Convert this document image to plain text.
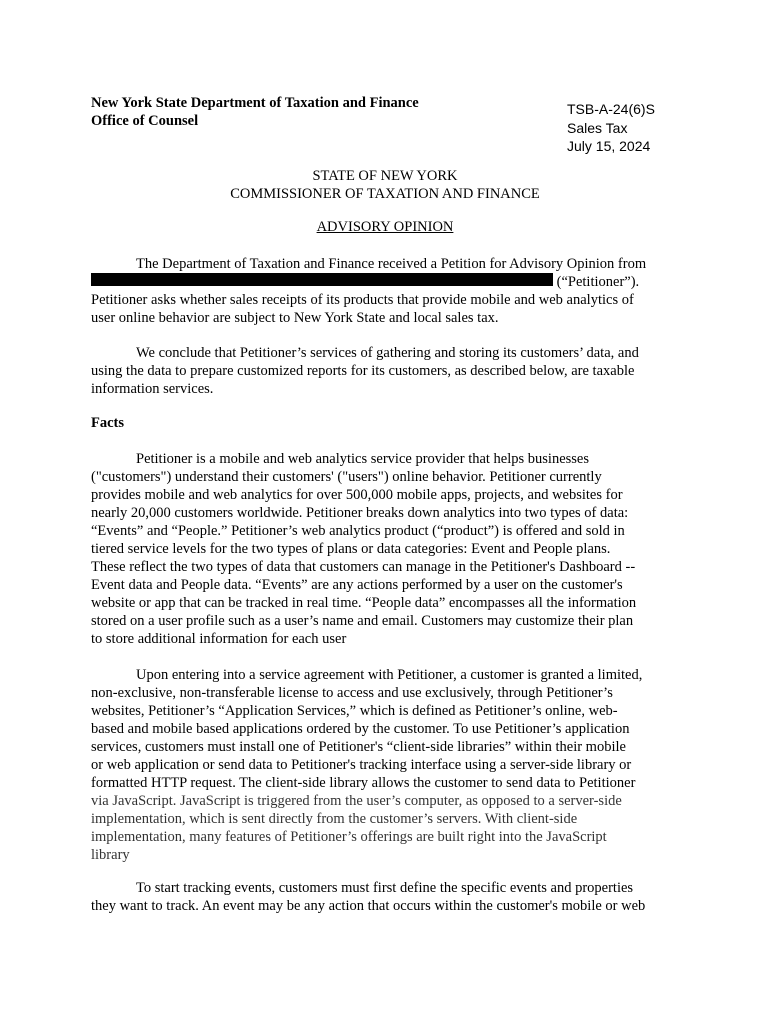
New York State Department of Taxation and Finance
Office of Counsel
TSB-A-24(6)S
Sales Tax
July 15, 2024
STATE OF NEW YORK
COMMISSIONER OF TAXATION AND FINANCE
ADVISORY OPINION
The Department of Taxation and Finance received a Petition for Advisory Opinion from
(“Petitioner”).
Petitioner asks whether sales receipts of its products that provide mobile and web analytics of
user online behavior are subject to New York State and local sales tax.
We conclude that Petitioner’s services of gathering and storing its customers’ data, and
using the data to prepare customized reports for its customers, as described below, are taxable
information services.
Facts
Petitioner is a mobile and web analytics service provider that helps businesses
("customers") understand their customers' ("users") online behavior. Petitioner currently
provides mobile and web analytics for over 500,000 mobile apps, projects, and websites for
nearly 20,000 customers worldwide. Petitioner breaks down analytics into two types of data:
“Events” and “People.” Petitioner’s web analytics product (“product”) is offered and sold in
tiered service levels for the two types of plans or data categories: Event and People plans.
These reflect the two types of data that customers can manage in the Petitioner's Dashboard --
Event data and People data. “Events” are any actions performed by a user on the customer's
website or app that can be tracked in real time. “People data” encompasses all the information
stored on a user profile such as a user’s name and email. Customers may customize their plan
to store additional information for each user
Upon entering into a service agreement with Petitioner, a customer is granted a limited,
non-exclusive, non-transferable license to access and use exclusively, through Petitioner’s
websites, Petitioner’s “Application Services,” which is defined as Petitioner’s online, web-
based and mobile based applications ordered by the customer. To use Petitioner’s application
services, customers must install one of Petitioner's “client-side libraries” within their mobile
or web application or send data to Petitioner's tracking interface using a server-side library or
formatted HTTP request. The client-side library allows the customer to send data to Petitioner
via JavaScript. JavaScript is triggered from the user’s computer, as opposed to a server-side
implementation, which is sent directly from the customer’s servers. With client-side
implementation, many features of Petitioner’s offerings are built right into the JavaScript
library
To start tracking events, customers must first define the specific events and properties
they want to track. An event may be any action that occurs within the customer's mobile or web
